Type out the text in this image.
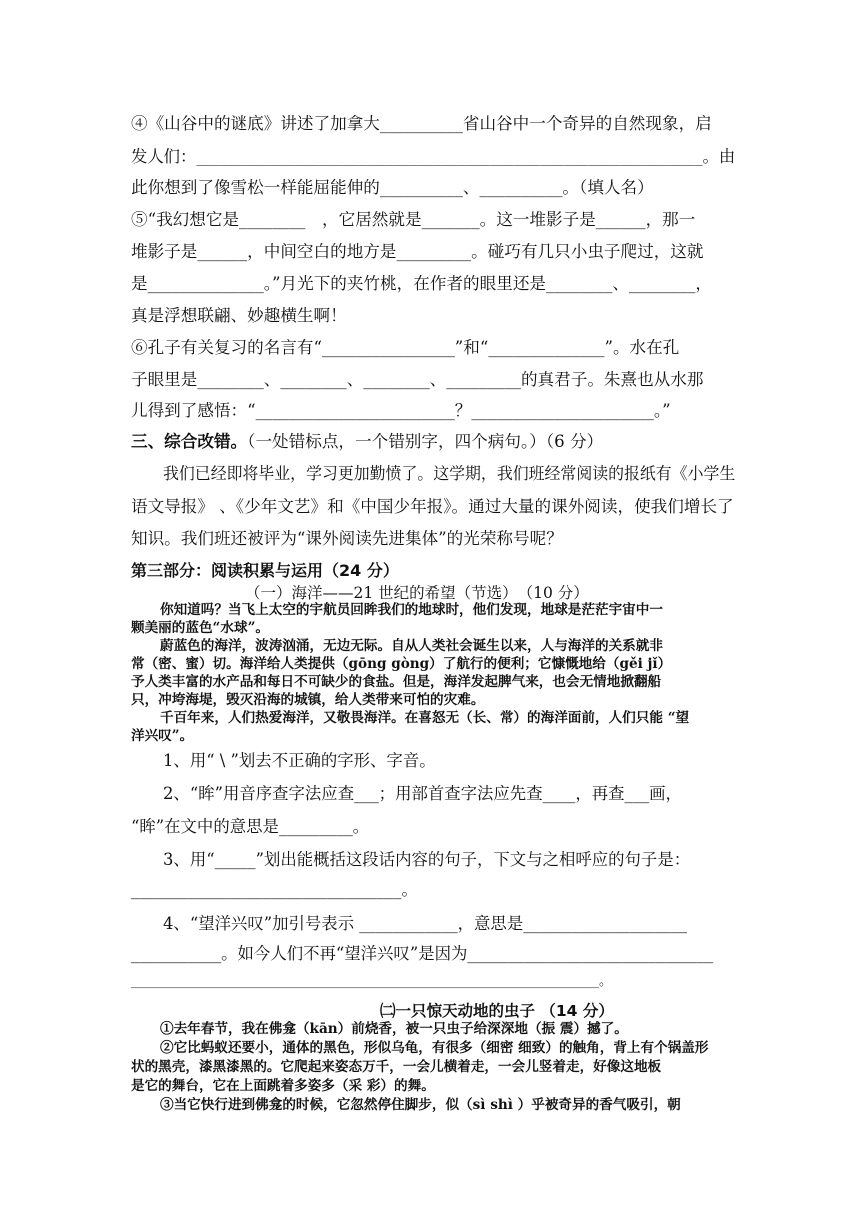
④《山谷中的谜底》讲述了加拿大__________省山谷中一个奇异的自然现象，启
发人们：______________________________________________________________。由
此你想到了像雪松一样能屈能伸的__________、__________。（填人名）
⑤“我幻想它是________　，它居然就是_______。这一堆影子是______，那一
堆影子是______，中间空白的地方是_________。碰巧有几只小虫子爬过，这就
是______________。”月光下的夹竹桃，在作者的眼里还是________、________，
真是浮想联翩、妙趣横生啊！
⑥孔子有关复习的名言有“________________”和“______________”。水在孔
子眼里是________、________、________、_________的真君子。朱熹也从水那
儿得到了感悟：“________________________？______________________。”
三、综合改错。（一处错标点，一个错别字，四个病句。）（6 分）
我们已经即将毕业，学习更加勤愤了。这学期，我们班经常阅读的报纸有《小学生
语文导报》 、《少年文艺》和《中国少年报》。通过大量的课外阅读，使我们增长了
知识。我们班还被评为“课外阅读先进集体”的光荣称号呢？
第三部分：阅读积累与运用（24 分）
（一）海洋——21 世纪的希望（节选）　（10 分）
你知道吗？当飞上太空的宇航员回眸我们的地球时，他们发现，地球是茫茫宇宙中一
颗美丽的蓝色“水球”。
蔚蓝色的海洋，波涛汹涌，无边无际。自从人类社会诞生以来，人与海洋的关系就非
常（密、蜜）切。海洋给人类提供（gōng gòng）了航行的便利；它慷慨地给（gěi jǐ）
予人类丰富的水产品和每日不可缺少的食盐。但是，海洋发起脾气来，也会无情地掀翻船
只，冲垮海堤，毁灭沿海的城镇，给人类带来可怕的灾难。
千百年来，人们热爱海洋，又敬畏海洋。在喜怒无（长、常）的海洋面前，人们只能 “望
洋兴叹”。
1、用“ \ ”划去不正确的字形、字音。
2、“眸”用音序查字法应查___；用部首查字法应先查____，再查___画，
“眸”在文中的意思是_________。
3、用“_____”划出能概括这段话内容的句子，下文与之相呼应的句子是：
_________________________________。
4、“望洋兴叹”加引号表示 ____________，意思是____________________
___________。如今人们不再“望洋兴叹”是因为______________________________
________________________________________________________________________。
㈡一只惊天动地的虫子 （14 分）
①去年春节，我在佛龛（kān）前烧香，被一只虫子给深深地（振 震）撼了。
②它比蚂蚁还要小，通体的黑色，形似乌龟，有很多（细密 细致）的触角，背上有个锅盖形
状的黑壳，漆黑漆黑的。它爬起来姿态万千，一会儿横着走，一会儿竖着走，好像这地板
是它的舞台，它在上面跳着多姿多（采 彩）的舞。
③当它快行进到佛龛的时候，它忽然停住脚步，似（sì shì ）乎被奇异的香气吸引，朝
